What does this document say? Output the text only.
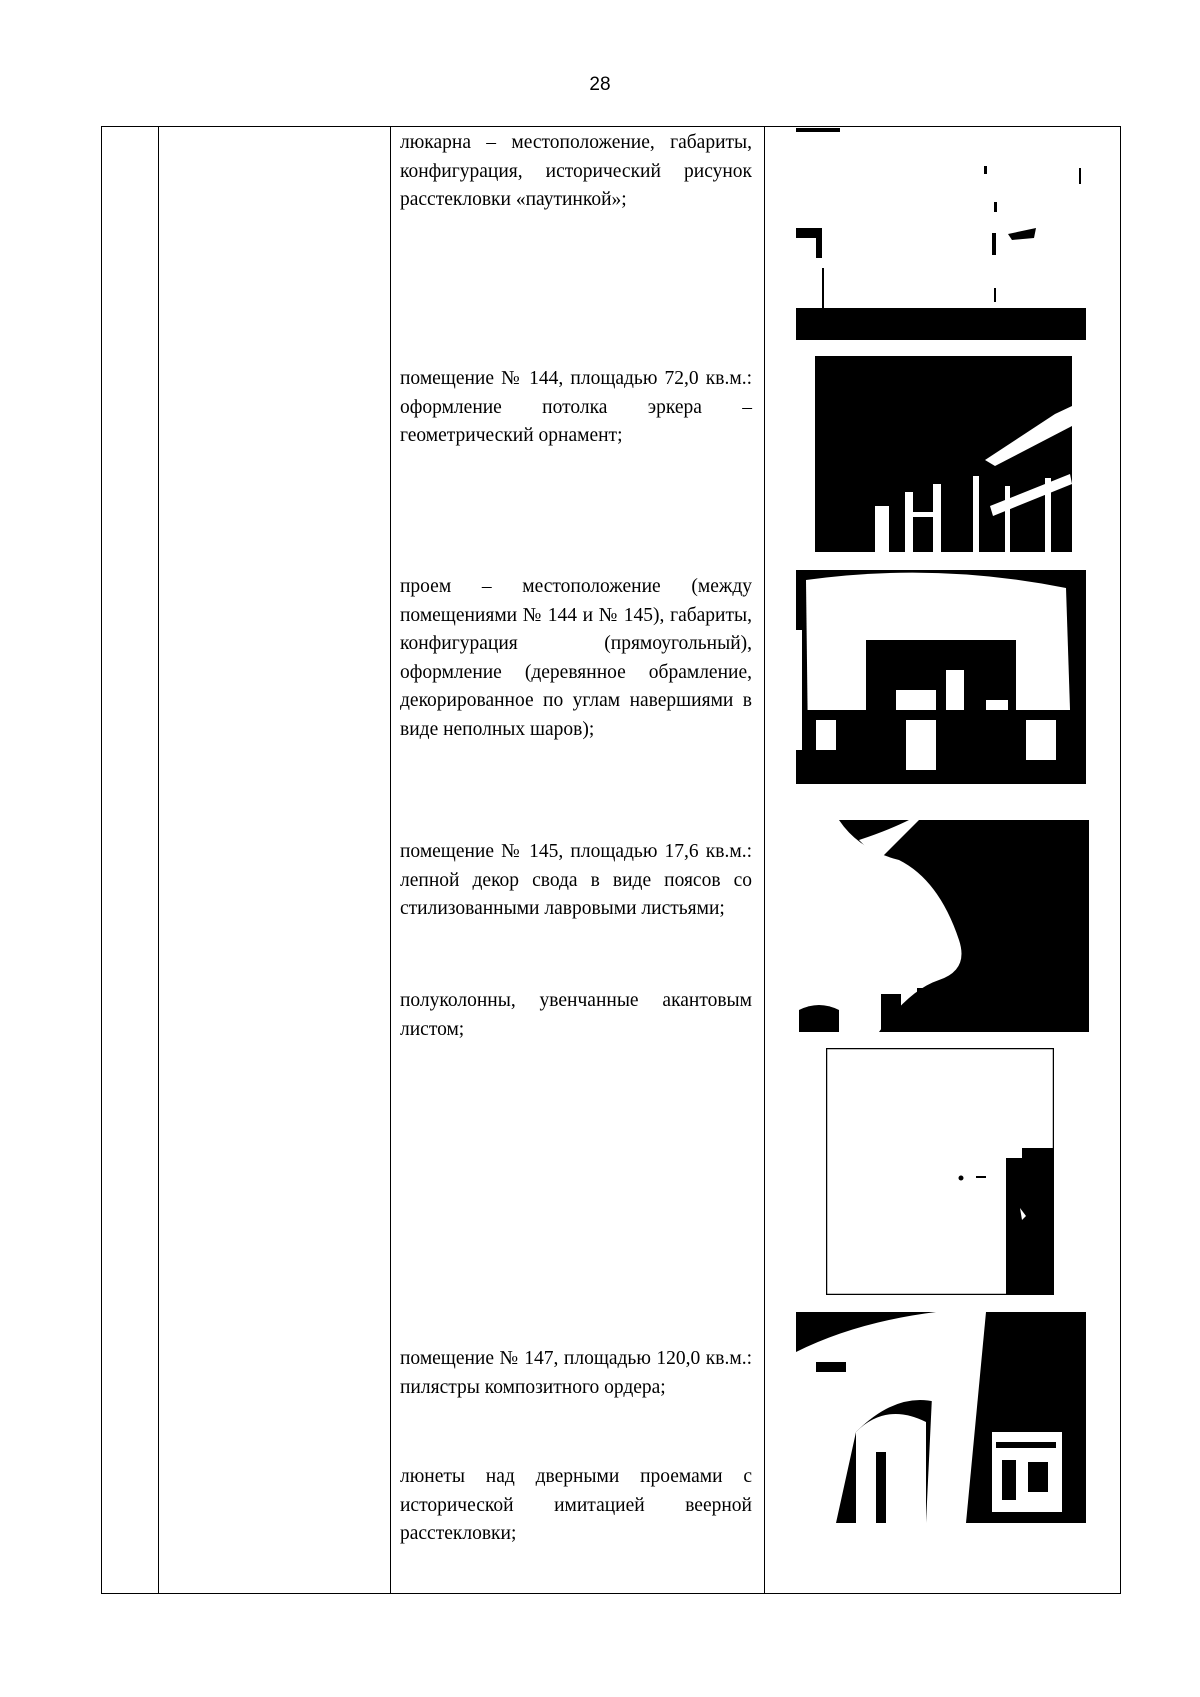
28
люкарна – местоположение, габариты, конфигурация, исторический рисунок расстекловки «паутинкой»;
помещение № 144, площадью 72,0 кв.м.: оформление потолка эркера – геометрический орнамент;
проем – местоположение (между помещениями № 144 и № 145), габариты, конфигурация (прямоугольный), оформление (деревянное обрамление, декорированное по углам навершиями в виде неполных шаров);
помещение № 145, площадью 17,6 кв.м.: лепной декор свода в виде поясов со стилизованными лавровыми листьями;
полуколонны, увенчанные акантовым листом;
помещение № 147, площадью 120,0 кв.м.: пилястры композитного ордера;
люнеты над дверными проемами с исторической имитацией веерной расстекловки;
